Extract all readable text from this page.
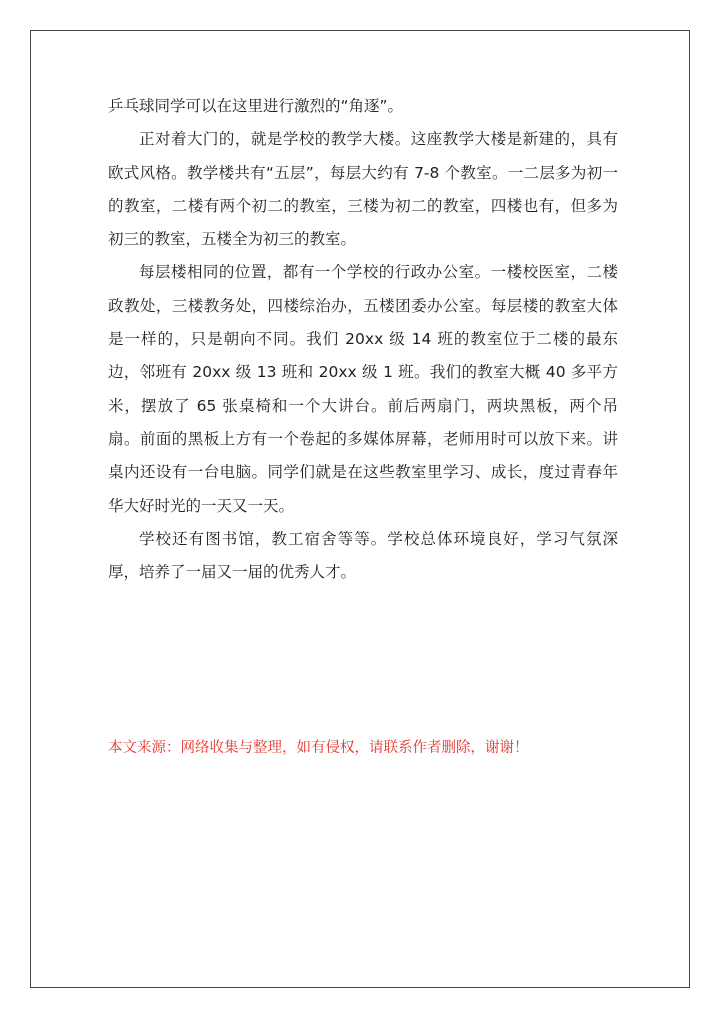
乒乓球同学可以在这里进行激烈的“角逐”。

正对着大门的，就是学校的教学大楼。这座教学大楼是新建的，具有欧式风格。教学楼共有“五层”，每层大约有 7-8 个教室。一二层多为初一的教室，二楼有两个初二的教室，三楼为初二的教室，四楼也有，但多为初三的教室，五楼全为初三的教室。

每层楼相同的位置，都有一个学校的行政办公室。一楼校医室，二楼政教处，三楼教务处，四楼综治办，五楼团委办公室。每层楼的教室大体是一样的，只是朝向不同。我们 20xx 级 14 班的教室位于二楼的最东边，邻班有 20xx 级 13 班和 20xx 级 1 班。我们的教室大概 40 多平方米，摆放了 65 张桌椅和一个大讲台。前后两扇门，两块黑板，两个吊扇。前面的黑板上方有一个卷起的多媒体屏幕，老师用时可以放下来。讲桌内还设有一台电脑。同学们就是在这些教室里学习、成长，度过青春年华大好时光的一天又一天。

学校还有图书馆，教工宿舍等等。学校总体环境良好，学习气氛深厚，培养了一届又一届的优秀人才。

本文来源：网络收集与整理，如有侵权，请联系作者删除，谢谢！
